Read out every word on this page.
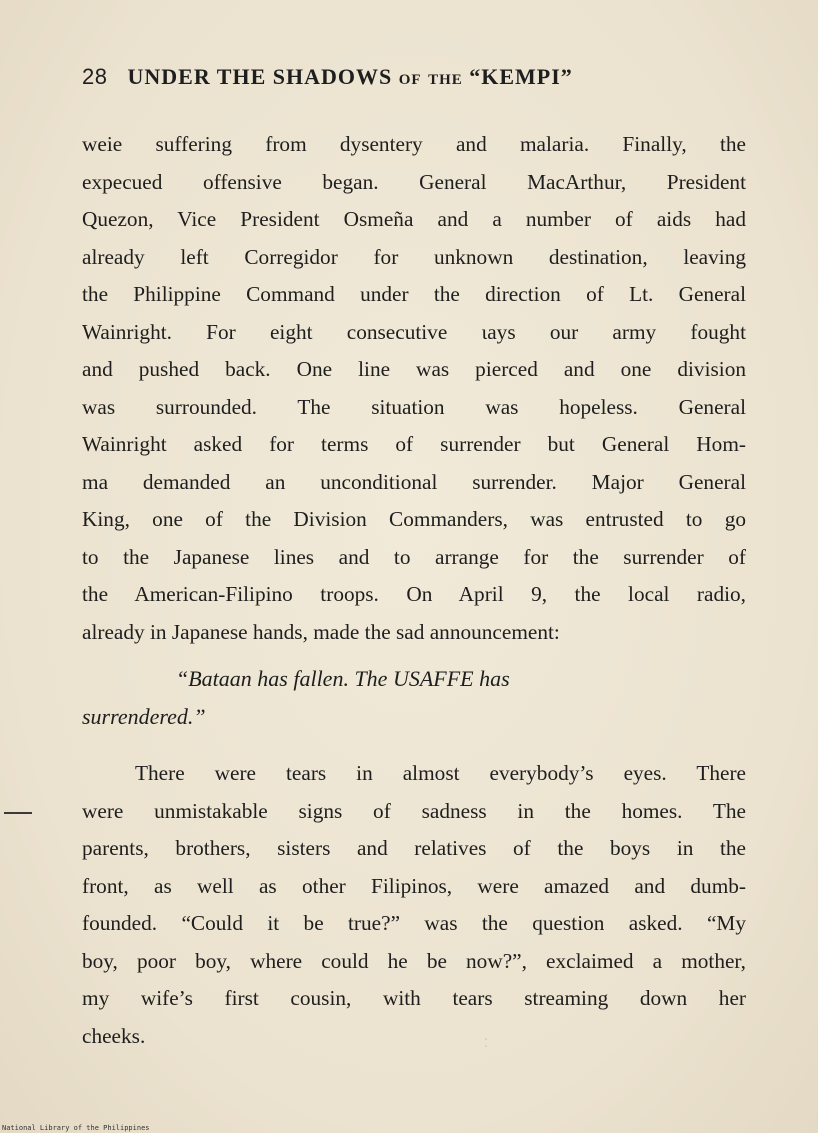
28 UNDER THE SHADOWS of the “KEMPI”
weie suffering from dysentery and malaria. Finally, the
expecued offensive began. General MacArthur, President
Quezon, Vice President Osmeña and a number of aids had
already left Corregidor for unknown destination, leaving
the Philippine Command under the direction of Lt. General
Wainright. For eight consecutive ɩays our army fought
and pushed back. One line was pierced and one division
was surrounded. The situation was hopeless. General
Wainright asked for terms of surrender but General Hom-
ma demanded an unconditional surrender. Major General
King, one of the Division Commanders, was entrusted to go
to the Japanese lines and to arrange for the surrender of
the American-Filipino troops. On April 9, the local radio,
already in Japanese hands, made the sad announcement:
“Bataan has fallen. The USAFFE has
surrendered.”
There were tears in almost everybody’s eyes. There
were unmistakable signs of sadness in the homes. The
parents, brothers, sisters and relatives of the boys in the
front, as well as other Filipinos, were amazed and dumb-
founded. “Could it be true?” was the question asked. “My
boy, poor boy, where could he be now?”, exclaimed a mother,
my wife’s first cousin, with tears streaming down her
cheeks.	⁚
National Library of the Philippines
